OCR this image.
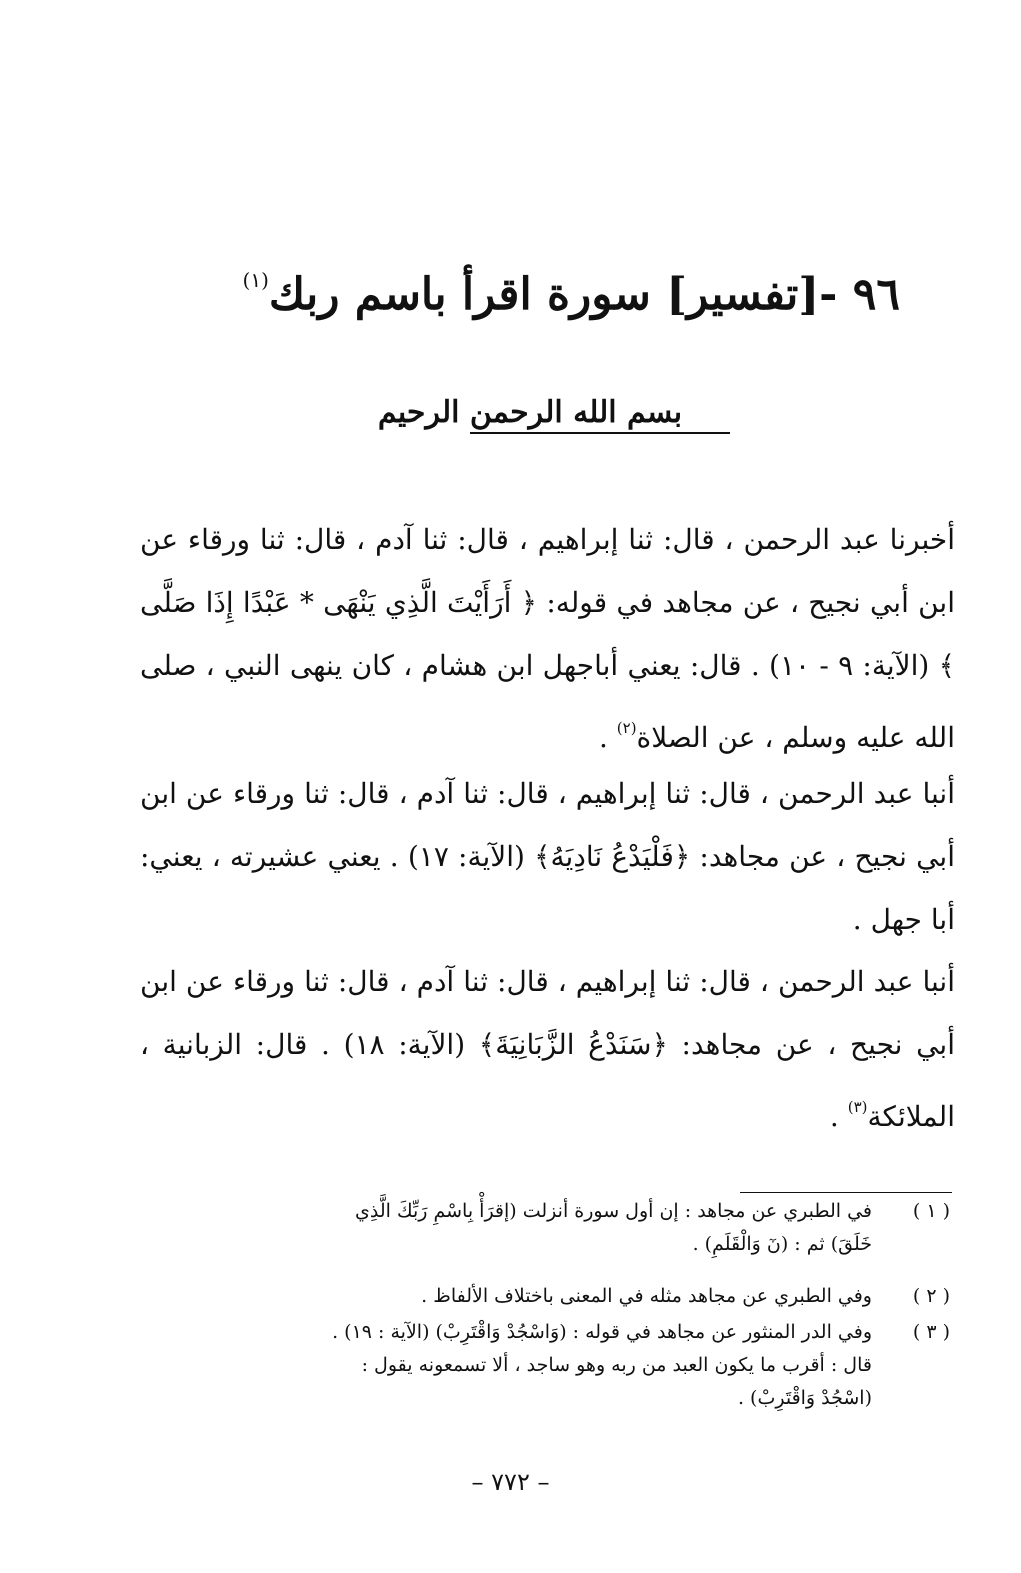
٩٦ -[تفسير] سورة اقرأ باسم ربك$^{(١)}$
بسم الله الرحمن الرحيم
أخبرنا عبد الرحمن ، قال: ثنا إبراهيم ، قال: ثنا آدم ، قال: ثنا ورقاء عن ابن أبي نجيح ، عن مجاهد في قوله: ﴿ أَرَأَيْتَ الَّذِي يَنْهَى * عَبْدًا إِذَا صَلَّى ﴾ (الآية: ٩ - ١٠) . قال: يعني أباجهل ابن هشام ، كان ينهى النبي ، صلى الله عليه وسلم ، عن الصلاة$^{(٢)}$ .
أنبا عبد الرحمن ، قال: ثنا إبراهيم ، قال: ثنا آدم ، قال: ثنا ورقاء عن ابن أبي نجيح ، عن مجاهد: ﴿فَلْيَدْعُ نَادِيَهُ﴾ (الآية: ١٧) . يعني عشيرته ، يعني: أبا جهل .
أنبا عبد الرحمن ، قال: ثنا إبراهيم ، قال: ثنا آدم ، قال: ثنا ورقاء عن ابن أبي نجيح ، عن مجاهد: ﴿سَنَدْعُ الزَّبَانِيَةَ﴾ (الآية: ١٨) . قال: الزبانية ، الملائكة$^{(٣)}$ .
( ١ )في الطبري عن مجاهد : إن أول سورة أنزلت (إقرَأْ بِاسْمِ رَبِّكَ الَّذِي
خَلَقَ) ثم : (نٓ وَالْقَلَمِ) .
( ٢ )وفي الطبري عن مجاهد مثله في المعنى باختلاف الألفاظ .
( ٣ )وفي الدر المنثور عن مجاهد في قوله : (وَاسْجُدْ وَاقْتَرِبْ) (الآية : ١٩) .
قال : أقرب ما يكون العبد من ربه وهو ساجد ، ألا تسمعونه يقول :
(اسْجُدْ وَاقْتَرِبْ) .
– ٧٧٢ –
